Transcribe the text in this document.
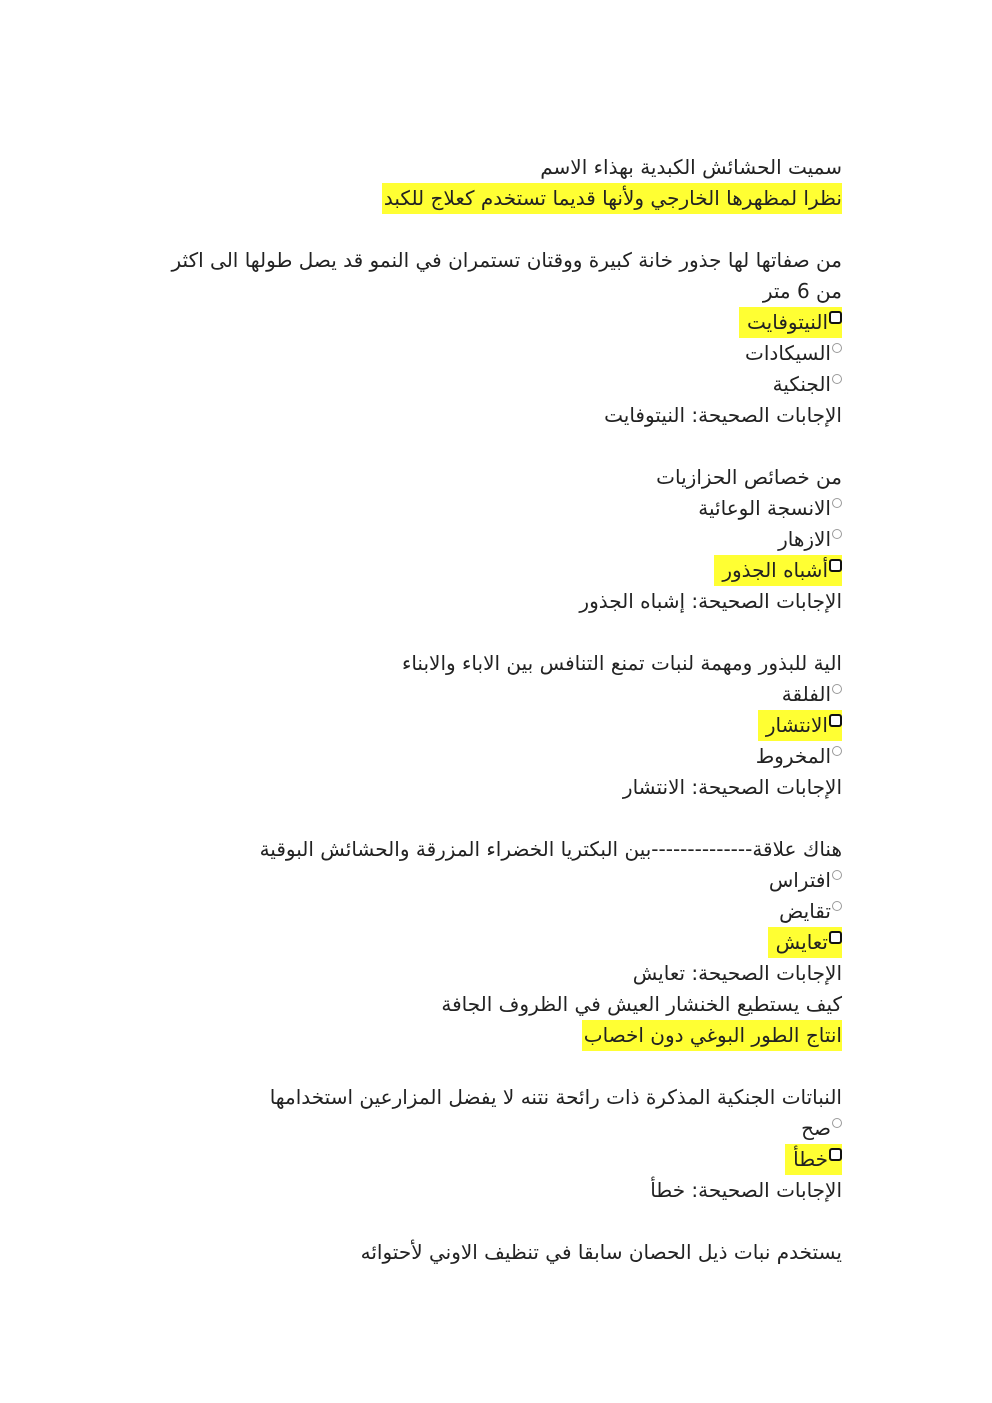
سميت الحشائش الكبدية بهذاء الاسم
نظرا لمظهرها الخارجي ولأنها قديما تستخدم كعلاج للكبد
من صفاتها لها جذور خانة كبيرة ووقتان تستمران في النمو قد يصل طولها الى اكثر من 6 متر
النيتوفايت
السيكادات
الجنكية
الإجابات الصحيحة: النيتوفايت
من خصائص الحزازيات
الانسجة الوعائية
الازهار
أشباه الجذور
الإجابات الصحيحة: إشباه الجذور
الية للبذور ومهمة لنبات تمنع التنافس بين الاباء والابناء
الفلقة
الانتشار
المخروط
الإجابات الصحيحة: الانتشار
هناك علاقة--------------بين البكتريا الخضراء المزرقة والحشائش البوقية
افتراس
تقايض
تعايش
الإجابات الصحيحة: تعايش
كيف يستطيع الخنشار العيش في الظروف الجافة
انتاج الطور البوغي دون اخصاب
النباتات الجنكية المذكرة ذات رائحة نتنه لا يفضل المزارعين استخدامها
صح
خطأ
الإجابات الصحيحة: خطأ
يستخدم نبات ذيل الحصان سابقا في تنظيف الاوني لأحتوائه
